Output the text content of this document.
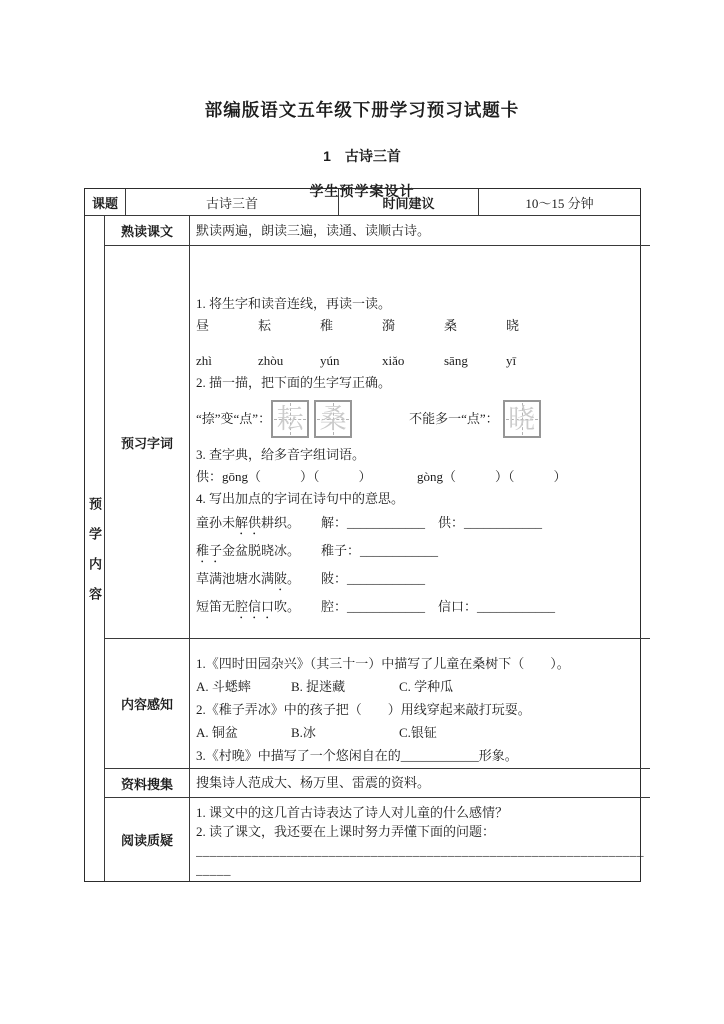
部编版语文五年级下册学习预习试题卡
1　古诗三首
学生预学案设计
课题	古诗三首	时间建议	10～15 分钟
预学内容
熟读课文	默读两遍，朗读三遍，读通、读顺古诗。
预习字词
1. 将生字和读音连线，再读一读。
昼	耘	稚	漪	桑	晓
zhì	zhòu	yún	xiǎo	sāng	yī
2. 描一描，把下面的生字写正确。
“捺”变“点”： 耘 桑	不能多一“点”： 晓
3. 查字典，给多音字组词语。
供：gōng（　　　）（　　　）　　　　gòng（　　　）（　　　）
4. 写出加点的字词在诗句中的意思。
童孙未解供耕织。	解：____________　供：____________
稚子金盆脱晓冰。	稚子：____________
草满池塘水满陂。	陂：____________
短笛无腔信口吹。	腔：____________　信口：____________
内容感知
1.《四时田园杂兴》（其三十一）中描写了儿童在桑树下（　　）。
A. 斗蟋蟀	B. 捉迷藏	C. 学种瓜
2.《稚子弄冰》中的孩子把（　　）用线穿起来敲打玩耍。
A. 铜盆	B.冰	C.银钲
3.《村晚》中描写了一个悠闲自在的____________形象。
资料搜集	搜集诗人范成大、杨万里、雷震的资料。
阅读质疑
1. 课文中的这几首古诗表达了诗人对儿童的什么感情？
2. 读了课文，我还要在上课时努力弄懂下面的问题：
________________________________________________________________
_____
